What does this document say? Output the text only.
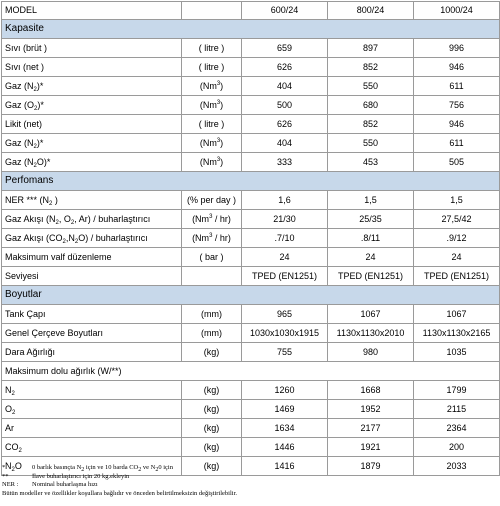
MODEL		600/24	800/24	1000/24
Kapasite				
Sıvı (brüt )	( litre )	659	897	996
Sıvı (net )	( litre )	626	852	946
Gaz $(N_2)*$	(Nm$^3$)	404	550	611
Gaz $(O_2)*$	(Nm$^3$)	500	680	756
Likit (net)	( litre )	626	852	946
Gaz $(N_2)*$	(Nm$^3$)	404	550	611
Gaz $(N_2O)*$	(Nm$^3$)	333	453	505
Perfomans				
NER *** ($N_2$ )	(% per day )	1,6	1,5	1,5
Gaz Akışı ($N_2$, $O_2$, Ar) / buharlaştırıcı	(Nm$^3$ / hr)	21/30	25/35	27,5/42
Gaz Akışı $(CO_2,N_2O)$ / buharlaştırıcı	(Nm$^3$ / hr)	.7/10	.8/11	.9/12
Maksimum valf düzenleme	( bar )	24	24	24
Seviyesi		TPED (EN1251)	TPED (EN1251)	TPED (EN1251)
Boyutlar				
Tank Çapı	(mm)	965	1067	1067
Genel Çerçeve Boyutları	(mm)	1030x1030x1915	1130x1130x2010	1130x1130x2165
Dara Ağırlığı	(kg)	755	980	1035
Maksimum dolu ağırlık (W/**)				
$N_2$	(kg)	1260	1668	1799
$O_2$	(kg)	1469	1952	2115
Ar	(kg)	1634	2177	2364
$CO_2$	(kg)	1446	1921	200
$N_2O$	(kg)	1416	1879	2033
*	0 barlık basınçta $N_2$ için ve 10 barda $CO_2$ ve $N_20$ için
**	İlave buharlaştırıcı için 20 kg.ekleyin
NER :	Nominal buharlaşma hızı
Bütün modeller ve özellikler koşullara bağlıdır ve önceden belirtilmeksizin değiştirilebilir.
